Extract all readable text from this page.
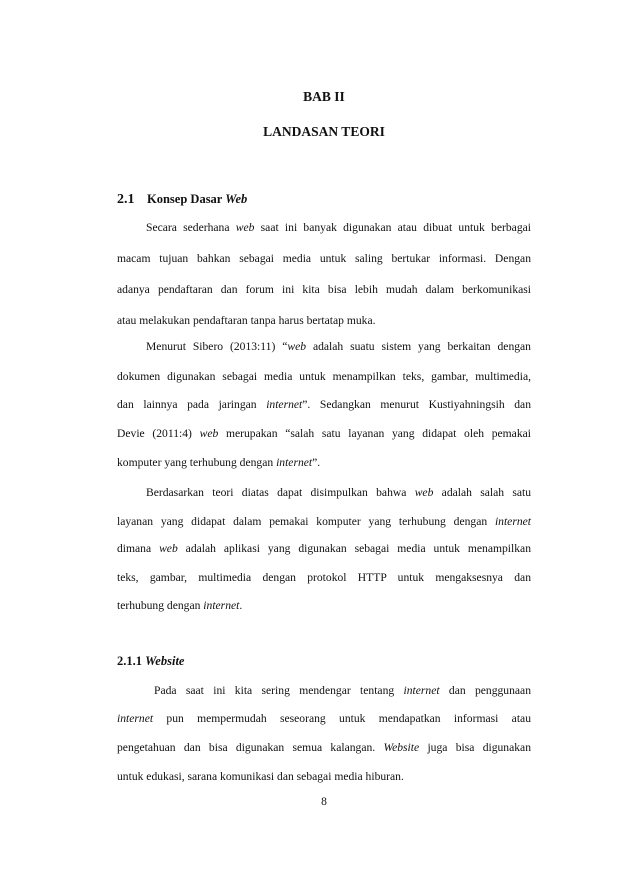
BAB II
LANDASAN TEORI
2.1 Konsep Dasar Web
Secara sederhana web saat ini banyak digunakan atau dibuat untuk berbagai
macam tujuan bahkan sebagai media untuk saling bertukar informasi. Dengan
adanya pendaftaran dan forum ini kita bisa lebih mudah dalam berkomunikasi
atau melakukan pendaftaran tanpa harus bertatap muka.
Menurut Sibero (2013:11) “web adalah suatu sistem yang berkaitan dengan
dokumen digunakan sebagai media untuk menampilkan teks, gambar, multimedia,
dan lainnya pada jaringan internet”. Sedangkan menurut Kustiyahningsih dan
Devie (2011:4) web merupakan “salah satu layanan yang didapat oleh pemakai
komputer yang terhubung dengan internet”.
Berdasarkan teori diatas dapat disimpulkan bahwa web adalah salah satu
layanan yang didapat dalam pemakai komputer yang terhubung dengan internet
dimana web adalah aplikasi yang digunakan sebagai media untuk menampilkan
teks, gambar, multimedia dengan protokol HTTP untuk mengaksesnya dan
terhubung dengan internet.
2.1.1 Website
Pada saat ini kita sering mendengar tentang internet dan penggunaan
internet pun mempermudah seseorang untuk mendapatkan informasi atau
pengetahuan dan bisa digunakan semua kalangan. Website juga bisa digunakan
untuk edukasi, sarana komunikasi dan sebagai media hiburan.
8
